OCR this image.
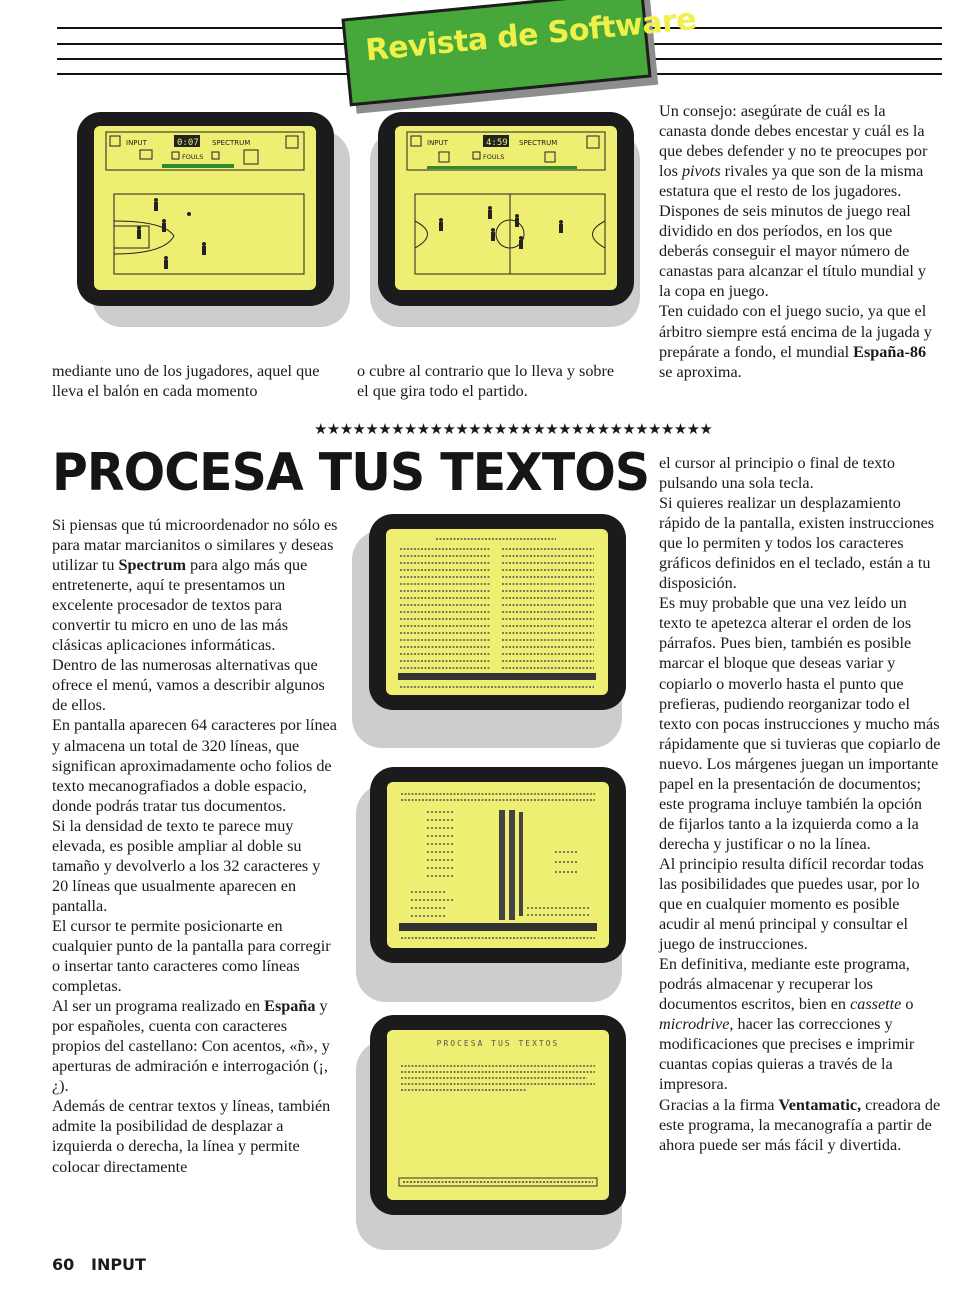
Revista de Software
INPUT	0:07 SPECTRUM
FOULS
INPUT	4:59 SPECTRUM
FOULS

mediante uno de los jugadores, aquel que lleva el balón en cada momento

o cubre al contrario que lo lleva y sobre el que gira todo el partido.

Un consejo: asegúrate de cuál es la canasta donde debes encestar y cuál es la que debes defender y no te preocupes por los pivots rivales ya que son de la misma estatura que el resto de los jugadores.

Dispones de seis minutos de juego real dividido en dos períodos, en los que deberás conseguir el mayor número de canastas para alcanzar el título mundial y la copa en juego.

Ten cuidado con el juego sucio, ya que el árbitro siempre está encima de la jugada y prepárate a fondo, el mundial España-86 se aproxima.

★★★★★★★★★★★★★★★★★★★★★★★★★★★★★★★
PROCESA TUS TEXTOS

Si piensas que tú microordenador no sólo es para matar marcianitos o similares y deseas utilizar tu Spectrum para algo más que entretenerte, aquí te presentamos un excelente procesador de textos para convertir tu micro en uno de las más clásicas aplicaciones informáticas.

Dentro de las numerosas alternativas que ofrece el menú, vamos a describir algunos de ellos.

En pantalla aparecen 64 caracteres por línea y almacena un total de 320 líneas, que significan aproximadamente ocho folios de texto mecanografiados a doble espacio, donde podrás tratar tus documentos.

Si la densidad de texto te parece muy elevada, es posible ampliar al doble su tamaño y devolverlo a los 32 caracteres y 20 líneas que usualmente aparecen en pantalla.

El cursor te permite posicionarte en cualquier punto de la pantalla para corregir o insertar tanto caracteres como líneas completas.

Al ser un programa realizado en España y por españoles, cuenta con caracteres propios del castellano: Con acentos, «ñ», y aperturas de admiración e interrogación (¡, ¿).

Además de centrar textos y líneas, también admite la posibilidad de desplazar a izquierda o derecha, la línea y permite colocar directamente

PROCESA TUS TEXTOS

el cursor al principio o final de texto pulsando una sola tecla.

Si quieres realizar un desplazamiento rápido de la pantalla, existen instrucciones que lo permiten y todos los caracteres gráficos definidos en el teclado, están a tu disposición.

Es muy probable que una vez leído un texto te apetezca alterar el orden de los párrafos. Pues bien, también es posible marcar el bloque que deseas variar y copiarlo o moverlo hasta el punto que prefieras, pudiendo reorganizar todo el texto con pocas instrucciones y mucho más rápidamente que si tuvieras que copiarlo de nuevo. Los márgenes juegan un importante papel en la presentación de documentos; este programa incluye también la opción de fijarlos tanto a la izquierda como a la derecha y justificar o no la línea.

Al principio resulta difícil recordar todas las posibilidades que puedes usar, por lo que en cualquier momento es posible acudir al menú principal y consultar el juego de instrucciones.

En definitiva, mediante este programa, podrás almacenar y recuperar los documentos escritos, bien en cassette o microdrive, hacer las correcciones y modificaciones que precises e imprimir cuantas copias quieras a través de la impresora.

Gracias a la firma Ventamatic, creadora de este programa, la mecanografía a partir de ahora puede ser más fácil y divertida.

60 INPUT
